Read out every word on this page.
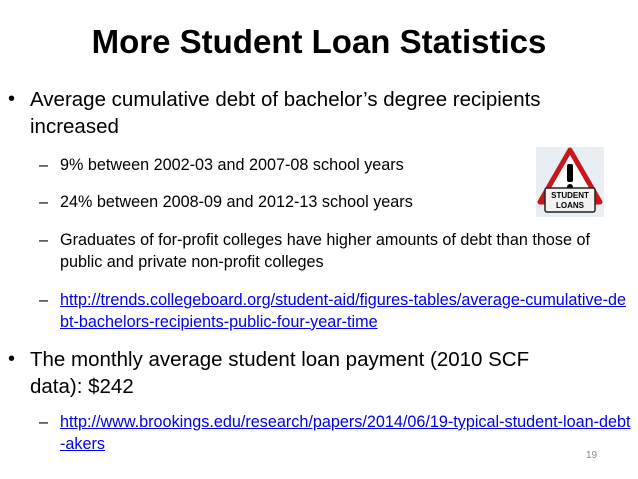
More Student Loan Statistics
• Average cumulative debt of bachelor’s degree recipients increased
– 9% between 2002-03 and 2007-08 school years
– 24% between 2008-09 and 2012-13 school years
– Graduates of for-profit colleges have higher amounts of debt than those of public and private non-profit colleges
– http://trends.collegeboard.org/student-aid/figures-tables/average-cumulative-debt-bachelors-recipients-public-four-year-time
• The monthly average student loan payment (2010 SCF data): $242
– http://www.brookings.edu/research/papers/2014/06/19-typical-student-loan-debt-akers
STUDENT
LOANS
19
